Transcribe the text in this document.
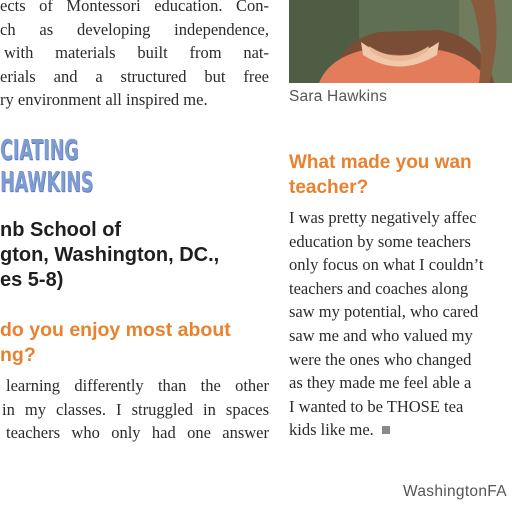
ects of Montessori education. Con-
ch as developing independence,
with materials built from nat-
erials and a structured but free
ry environment all inspired me.
CIATING
HAWKINS
nb School of
gton, Washington, DC.,
es 5-8)
do you enjoy most about
ng?
learning differently than the other
in my classes. I struggled in spaces
teachers who only had one answer
Sara Hawkins
What made you wan
teacher?
I was pretty negatively affec
education by some teachers
only focus on what I couldn’t
teachers and coaches along
saw my potential, who cared
saw me and who valued my
were the ones who changed
as they made me feel able a
I wanted to be THOSE tea
kids like me.
WashingtonFA
